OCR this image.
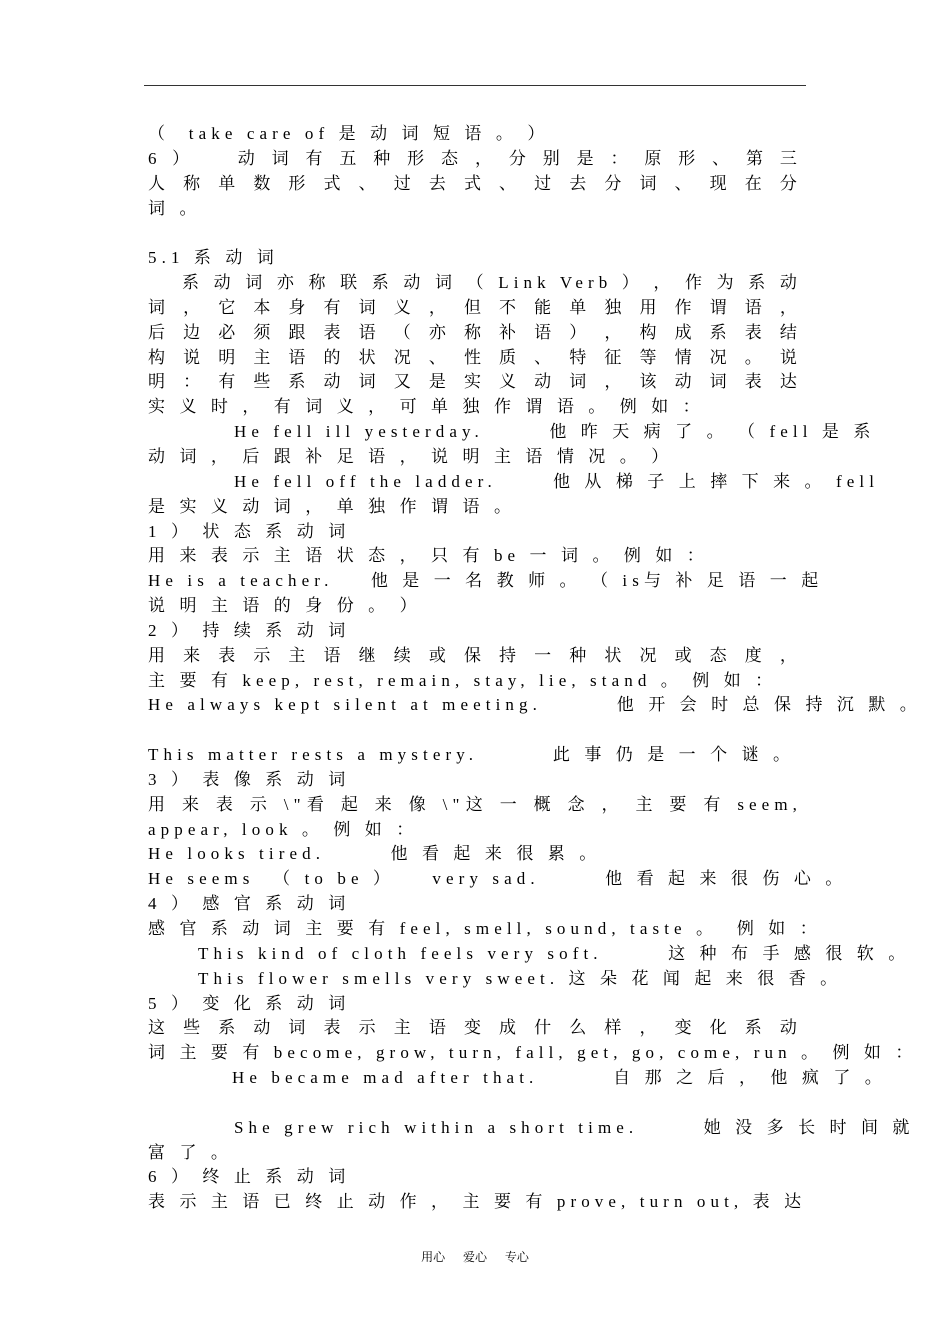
（  take care of 是 动 词 短 语 。 ）
6 ）    动 词 有 五 种 形 态 ， 分 别 是 ： 原 形 、 第 三
人 称 单 数 形 式 、 过 去 式 、 过 去 分 词 、 现 在 分
词 。
5.1 系 动 词
系 动 词 亦 称 联 系 动 词 （ Link Verb ） ， 作 为 系 动
词 ， 它 本 身 有 词 义 ， 但 不 能 单 独 用 作 谓 语 ，
后 边 必 须 跟 表 语 （ 亦 称 补 语 ） ， 构 成 系 表 结
构 说 明 主 语 的 状 况 、 性 质 、 特 征 等 情 况 。 说
明 ： 有 些 系 动 词 又 是 实 义 动 词 ， 该 动 词 表 达
实 义 时 ， 有 词 义 ， 可 单 独 作 谓 语 。 例 如 ：
He fell ill yesterday.       他 昨 天 病 了 。 （ fell 是 系
动 词 ， 后 跟 补 足 语 ， 说 明 主 语 情 况 。 ）
He fell off the ladder.      他 从 梯 子 上 摔 下 来 。 fell
是 实 义 动 词 ， 单 独 作 谓 语 。
1 ） 状 态 系 动 词
用 来 表 示 主 语 状 态 ， 只 有 be 一 词 。 例 如 ：
He is a teacher.    他 是 一 名 教 师 。 （ is与 补 足 语 一 起
说 明 主 语 的 身 份 。 ）
2 ） 持 续 系 动 词
用 来 表 示 主 语 继 续 或 保 持 一 种 状 况 或 态 度 ，
主 要 有 keep, rest, remain, stay, lie, stand 。 例 如 ：
He always kept silent at meeting.        他 开 会 时 总 保 持 沉 默 。
This matter rests a mystery.        此 事 仍 是 一 个 谜 。
3 ） 表 像 系 动 词
用 来 表 示 \"看 起 来 像 \"这 一 概 念 ， 主 要 有 seem,
appear, look 。 例 如 ：
He looks tired.       他 看 起 来 很 累 。
He seems  （ to be ）    very sad.       他 看 起 来 很 伤 心 。
4 ） 感 官 系 动 词
感 官 系 动 词 主 要 有 feel, smell, sound, taste 。  例 如 ：
This kind of cloth feels very soft.       这 种 布 手 感 很 软 。
This flower smells very sweet. 这 朵 花 闻 起 来 很 香 。
5 ） 变 化 系 动 词
这 些 系 动 词 表 示 主 语 变 成 什 么 样 ， 变 化 系 动
词 主 要 有 become, grow, turn, fall, get, go, come, run 。 例 如 ：
He became mad after that.        自 那 之 后 ， 他 疯 了 。
She grew rich within a short time.       她 没 多 长 时 间 就
富 了 。
6 ） 终 止 系 动 词
表 示 主 语 已 终 止 动 作 ， 主 要 有 prove, turn out, 表 达
用心 爱心 专心
